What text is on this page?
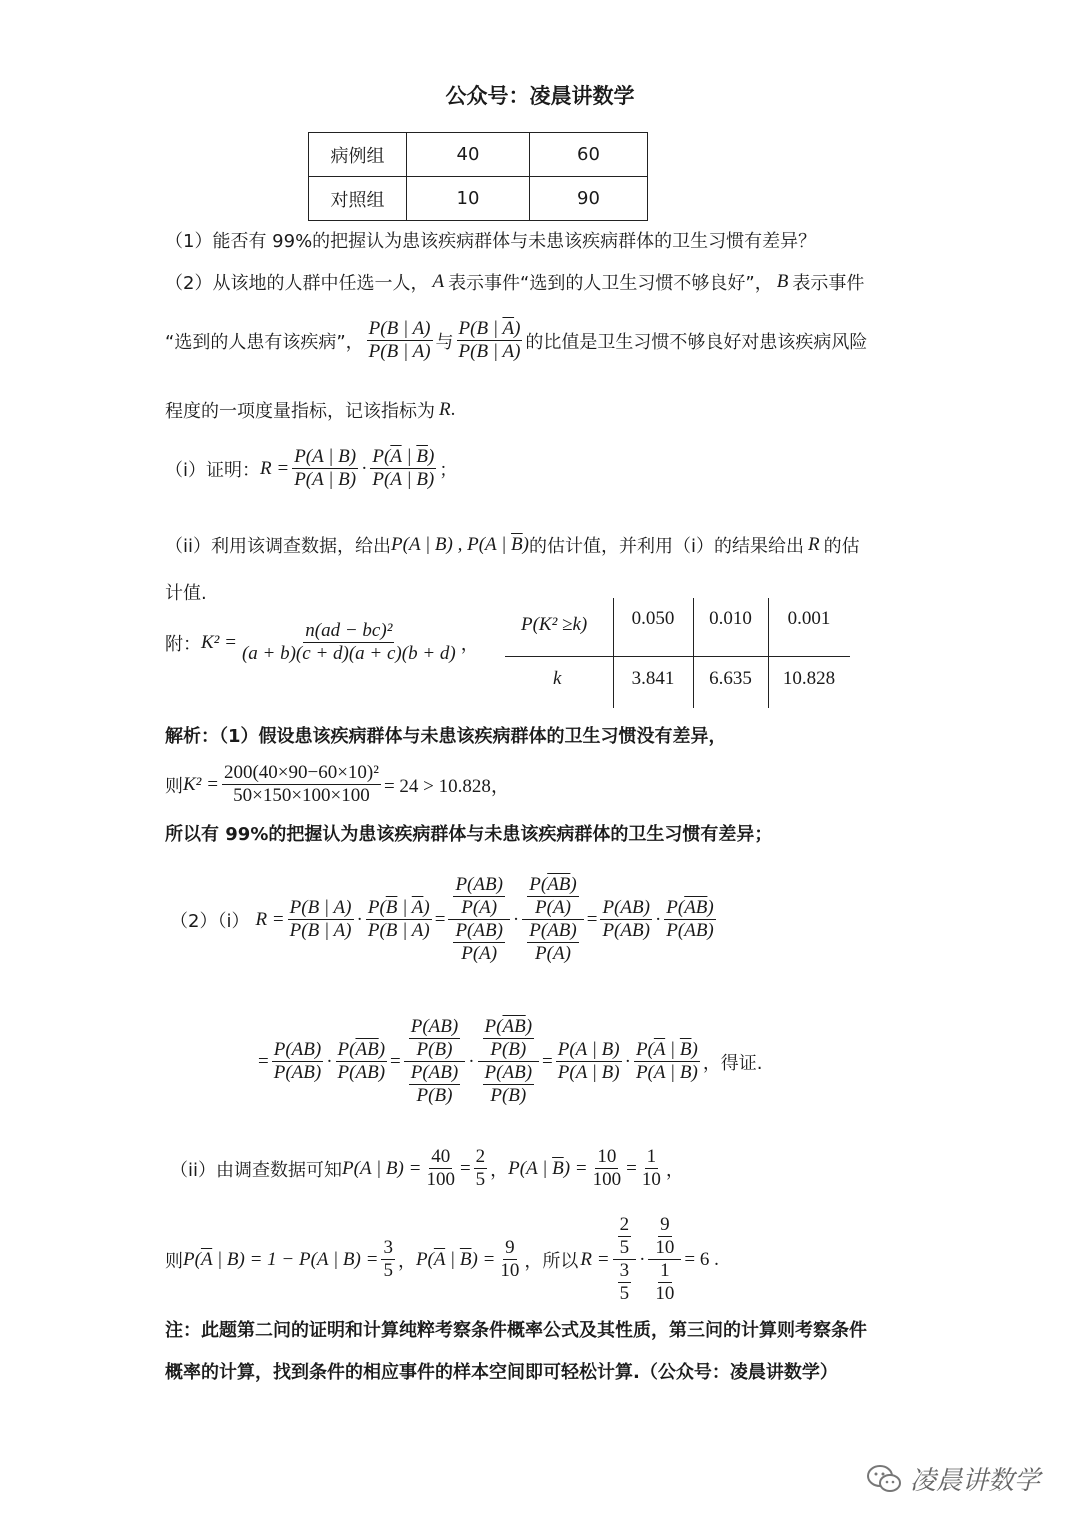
公众号：凌晨讲数学
病例组	40	60
对照组	10	90
（1）能否有 99%的把握认为患该疾病群体与未患该疾病群体的卫生习惯有差异？
（2）从该地的人群中任选一人， A 表示事件“选到的人卫生习惯不够良好”， B 表示事件
“选到的人患有该疾病”， $\frac{P(B | A)}{P(\overline{B} | A)}$ 与 $\frac{P(B | \overline{A})}{P(\overline{B} | \overline{A})}$ 的比值是卫生习惯不够良好对患该疾病风险
程度的一项度量指标，记该指标为 R .
（i）证明： $R = \frac{P(A | B)}{P(\overline{A} | B)} \cdot \frac{P(\overline{A} | \overline{B})}{P(A | \overline{B})}$ ；
（ii）利用该调查数据，给出 P(A | B) , P(A | $\overline{B}$) 的估计值，并利用（i）的结果给出 R 的估
计值.
附： $K^2 = \frac{\text{n(ad − bc)²}}{(a + b)(c + d)(a + c)(b + d)}$ ，
P(K² ≥k)	0.050	0.010	0.001
k	3.841	6.635	10.828
解析：（1）假设患该疾病群体与未患该疾病群体的卫生习惯没有差异，
则 $K^2 = \frac{\text{200(40×90−60×10)²}}{50\times 150\times 100\times 100} = 24 > 10.828$，
所以有 99%的把握认为患该疾病群体与未患该疾病群体的卫生习惯有差异；
（2）（i） $R = \frac{P(B | A)}{P(\overline{B} | A)} \cdot \frac{P(\overline{B} | \overline{A})}{P(B | \overline{A})} = \frac{\frac{P(AB)}{P(A)}}{\frac{P(A\overline{B})}{P(A)}} \cdot \frac{\frac{P(\overline{AB})}{P(\overline{A})}}{\frac{P(\overline{A}B)}{P(\overline{A})}} = \frac{P(AB)}{P(A\overline{B})} \cdot \frac{P(\overline{AB})}{P(\overline{A}B)}$
= $\frac{P(AB)}{P(\overline{A}B)} \cdot \frac{P(\overline{AB})}{P(A\overline{B})} = \frac{\frac{P(AB)}{P(B)}}{\frac{P(\overline{A}B)}{P(B)}} \cdot \frac{\frac{P(\overline{AB})}{P(\overline{B})}}{\frac{P(A\overline{B})}{P(\overline{B})}} = \frac{P(A | B)}{P(\overline{A} | B)} \cdot \frac{P(\overline{A} | \overline{B})}{P(A | \overline{B})}$ ，得证.
（ii）由调查数据可知 P(A | $B) = \frac{40}{100} = \frac{2}{5}$ ， P(A | $\overline{B}) = \frac{10}{100} = \frac{1}{10}$ ，
则 $P(\overline{A}$ | B) = 1 − P(A | $B) = \frac{3}{5}$ ， $P(\overline{A}$ | $\overline{B}) = \frac{9}{10}$ ，所以 $R = \frac{\frac{2}{5}}{\frac{3}{5}} \cdot \frac{\frac{9}{10}}{\frac{1}{10}} = 6$ .
注：此题第二问的证明和计算纯粹考察条件概率公式及其性质，第三问的计算则考察条件
概率的计算，找到条件的相应事件的样本空间即可轻松计算.（公众号：凌晨讲数学）
凌晨讲数学
